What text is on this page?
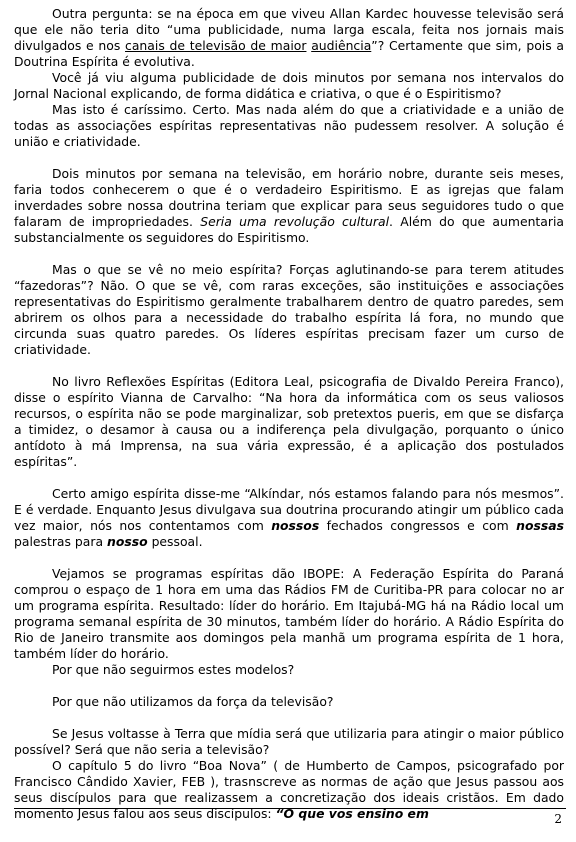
Outra pergunta: se na época em que viveu Allan Kardec houvesse televisão será que ele não teria dito “uma publicidade, numa larga escala, feita nos jornais mais divulgados e nos canais de televisão de maior audiência”? Certamente que sim, pois a Doutrina Espírita é evolutiva.

Você já viu alguma publicidade de dois minutos por semana nos intervalos do Jornal Nacional explicando, de forma didática e criativa, o que é o Espiritismo?

Mas isto é caríssimo. Certo. Mas nada além do que a criatividade e a união de todas as associações espíritas representativas não pudessem resolver. A solução é união e criatividade.

Dois minutos por semana na televisão, em horário nobre, durante seis meses, faria todos conhecerem o que é o verdadeiro Espiritismo. E as igrejas que falam inverdades sobre nossa doutrina teriam que explicar para seus seguidores tudo o que falaram de impropriedades. Seria uma revolução cultural. Além do que aumentaria substancialmente os seguidores do Espiritismo.

Mas o que se vê no meio espírita? Forças aglutinando-se para terem atitudes “fazedoras”? Não. O que se vê, com raras exceções, são instituições e associações representativas do Espiritismo geralmente trabalharem dentro de quatro paredes, sem abrirem os olhos para a necessidade do trabalho espírita lá fora, no mundo que circunda suas quatro paredes. Os líderes espíritas precisam fazer um curso de criatividade.

No livro Reflexões Espíritas (Editora Leal, psicografia de Divaldo Pereira Franco), disse o espírito Vianna de Carvalho: “Na hora da informática com os seus valiosos recursos, o espírita não se pode marginalizar, sob pretextos pueris, em que se disfarça a timidez, o desamor à causa ou a indiferença pela divulgação, porquanto o único antídoto à má Imprensa, na sua vária expressão, é a aplicação dos postulados espíritas”.

Certo amigo espírita disse-me “Alkíndar, nós estamos falando para nós mesmos”. E é verdade. Enquanto Jesus divulgava sua doutrina procurando atingir um público cada vez maior, nós nos contentamos com nossos fechados congressos e com nossas palestras para nosso pessoal.

Vejamos se programas espíritas dão IBOPE: A Federação Espírita do Paraná comprou o espaço de 1 hora em uma das Rádios FM de Curitiba-PR para colocar no ar um programa espírita. Resultado: líder do horário. Em Itajubá-MG há na Rádio local um programa semanal espírita de 30 minutos, também líder do horário. A Rádio Espírita do Rio de Janeiro transmite aos domingos pela manhã um programa espírita de 1 hora, também líder do horário.

Por que não seguirmos estes modelos?

Por que não utilizamos da força da televisão?

Se Jesus voltasse à Terra que mídia será que utilizaria para atingir o maior público possível? Será que não seria a televisão?

O capítulo 5 do livro “Boa Nova” ( de Humberto de Campos, psicografado por Francisco Cândido Xavier, FEB ), trasnscreve as normas de ação que Jesus passou aos seus discípulos para que realizassem a concretização dos ideais cristãos. Em dado momento Jesus falou aos seus discípulos: “O que vos ensino em	2
